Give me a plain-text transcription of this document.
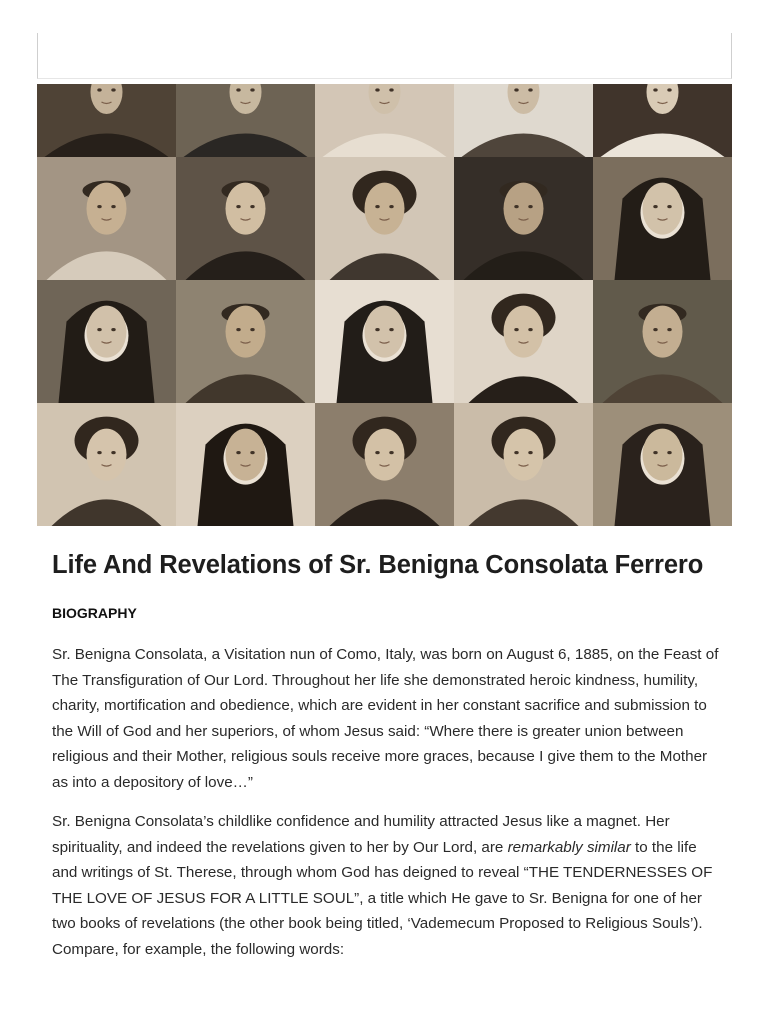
Life And Revelations of Sr. Benigna Consolata Ferrero
BIOGRAPHY

Sr. Benigna Consolata, a Visitation nun of Como, Italy, was born on August 6, 1885, on the Feast of The Transfiguration of Our Lord. Throughout her life she demonstrated heroic kindness, humility, charity, mortification and obedience, which are evident in her constant sacrifice and submission to the Will of God and her superiors, of whom Jesus said: “Where there is greater union between religious and their Mother, religious souls receive more graces, because I give them to the Mother as into a depository of love…”

Sr. Benigna Consolata’s childlike confidence and humility attracted Jesus like a magnet. Her spirituality, and indeed the revelations given to her by Our Lord, are remarkably similar to the life and writings of St. Therese, through whom God has deigned to reveal “THE TENDERNESSES OF THE LOVE OF JESUS FOR A LITTLE SOUL”, a title which He gave to Sr. Benigna for one of her two books of revelations (the other book being titled, ‘Vademecum Proposed to Religious Souls’). Compare, for example, the following words:
